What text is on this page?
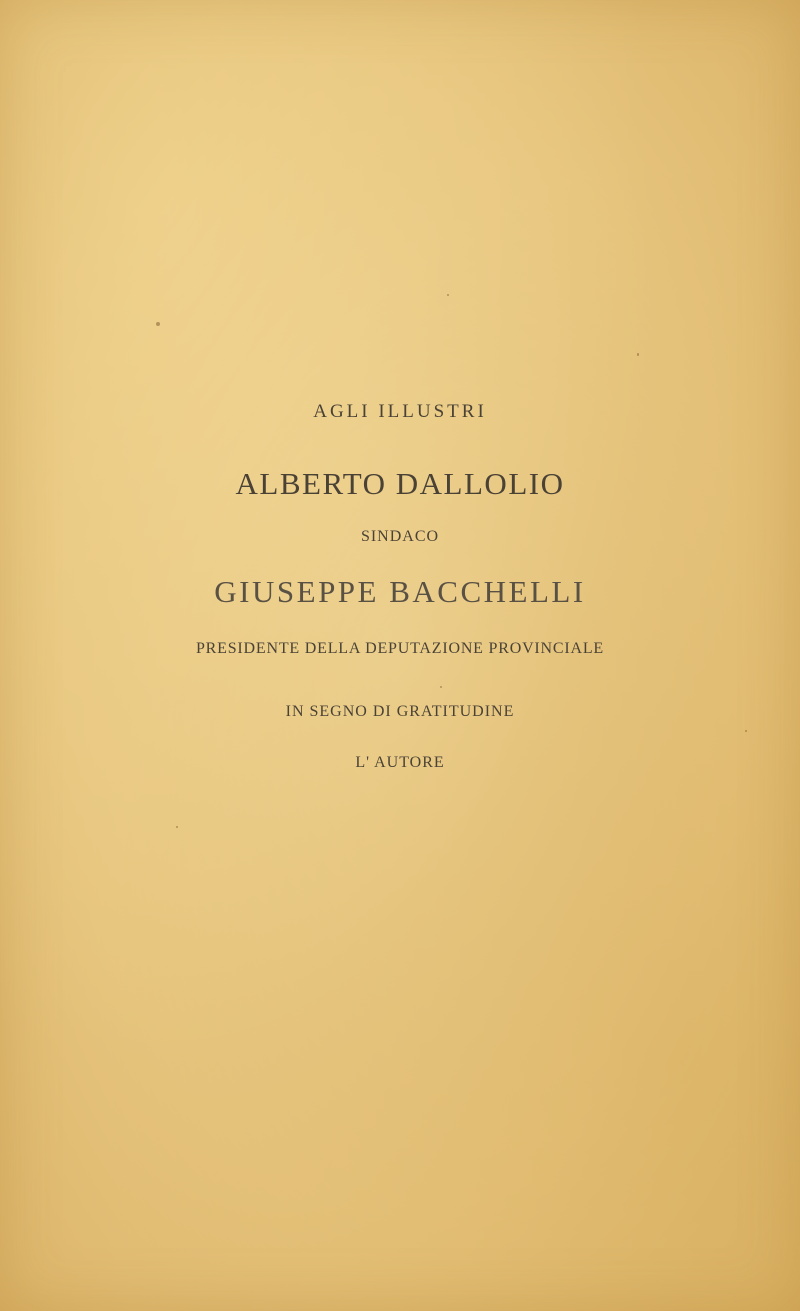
AGLI ILLUSTRI
ALBERTO DALLOLIO
SINDACO
GIUSEPPE BACCHELLI
PRESIDENTE DELLA DEPUTAZIONE PROVINCIALE
IN SEGNO DI GRATITUDINE
L' AUTORE
